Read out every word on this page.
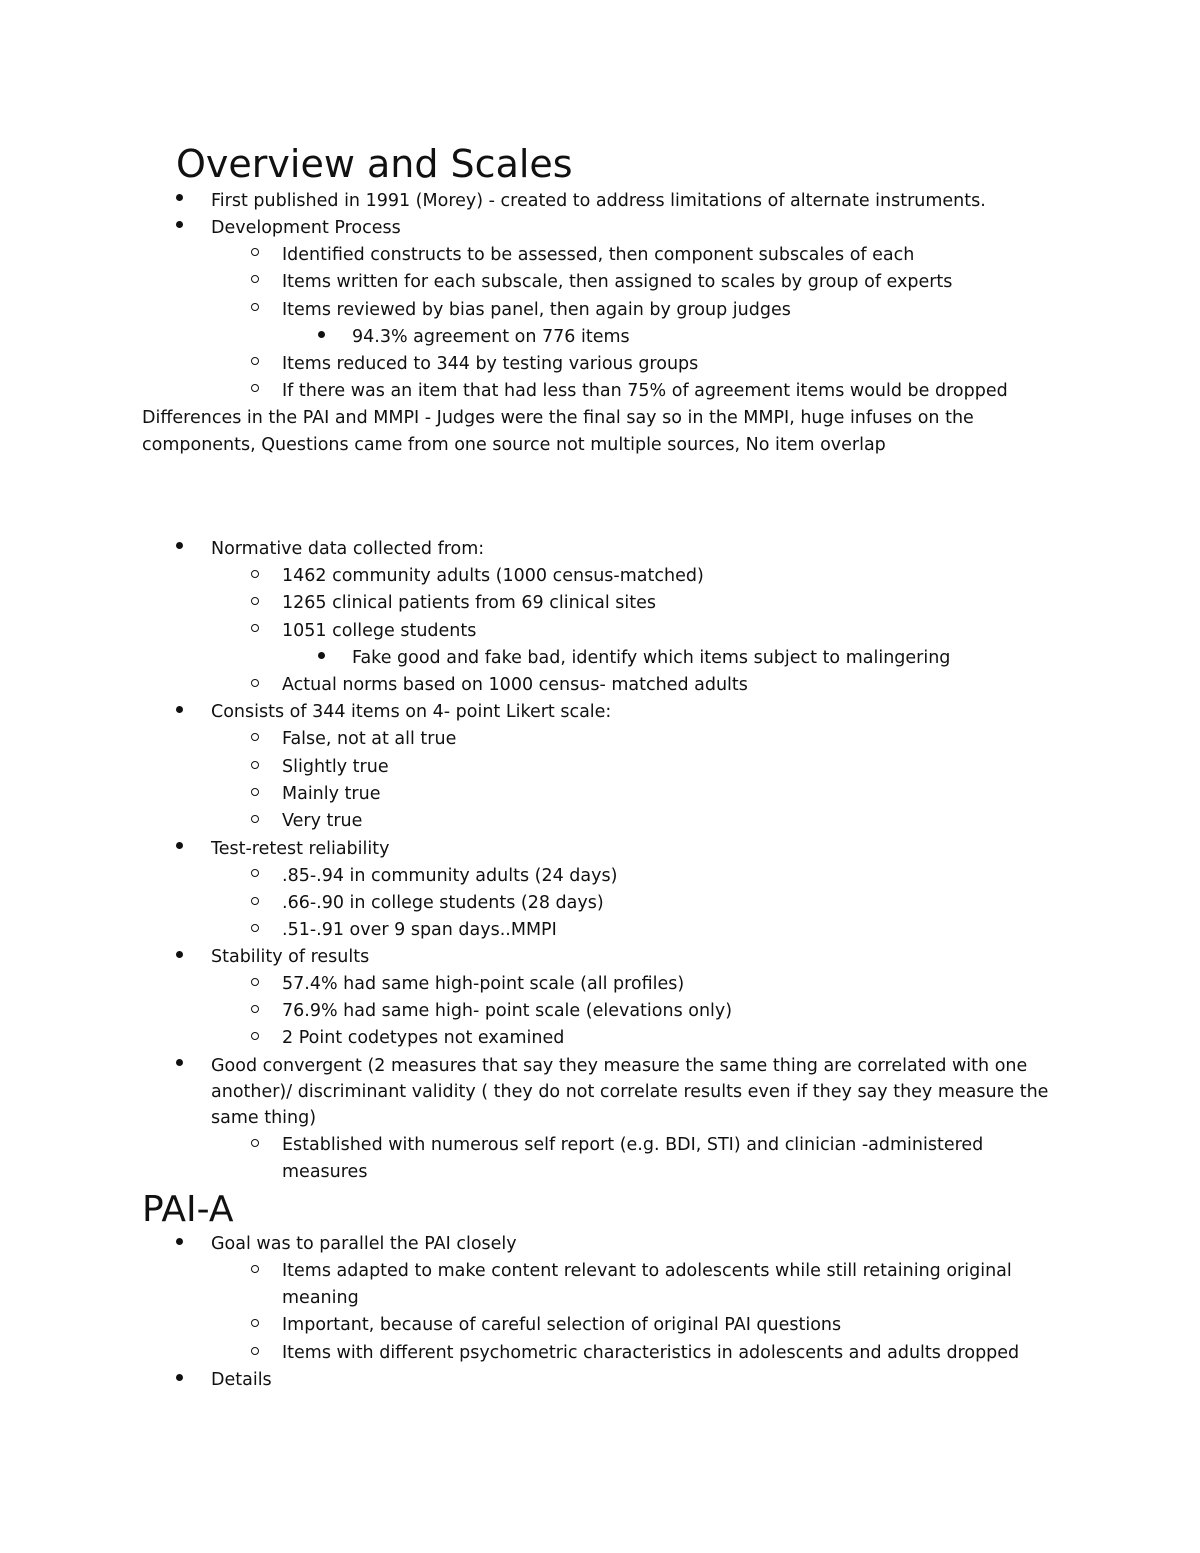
Overview and Scales
First published in 1991 (Morey) - created to address limitations of alternate instruments.
Development Process
Identified constructs to be assessed, then component subscales of each
Items written for each subscale, then assigned to scales by group of experts
Items reviewed by bias panel, then again by group judges
94.3% agreement on 776 items
Items reduced to 344 by testing various groups
If there was an item that had less than 75% of agreement items would be dropped
Differences in the PAI and MMPI - Judges were the final say so in the MMPI, huge infuses on the
components, Questions came from one source not multiple sources, No item overlap
Normative data collected from:
1462 community adults (1000 census-matched)
1265 clinical patients from 69 clinical sites
1051 college students
Fake good and fake bad, identify which items subject to malingering
Actual norms based on 1000 census- matched adults
Consists of 344 items on 4- point Likert scale:
False, not at all true
Slightly true
Mainly true
Very true
Test-retest reliability
.85-.94 in community adults (24 days)
.66-.90 in college students (28 days)
.51-.91 over 9 span days..MMPI
Stability of results
57.4% had same high-point scale (all profiles)
76.9% had same high- point scale (elevations only)
2 Point codetypes not examined
Good convergent (2 measures that say they measure the same thing are correlated with one
another)/ discriminant validity ( they do not correlate results even if they say they measure the
same thing)
Established with numerous self report (e.g. BDI, STI) and clinician -administered
measures
PAI-A
Goal was to parallel the PAI closely
Items adapted to make content relevant to adolescents while still retaining original
meaning
Important, because of careful selection of original PAI questions
Items with different psychometric characteristics in adolescents and adults dropped
Details
